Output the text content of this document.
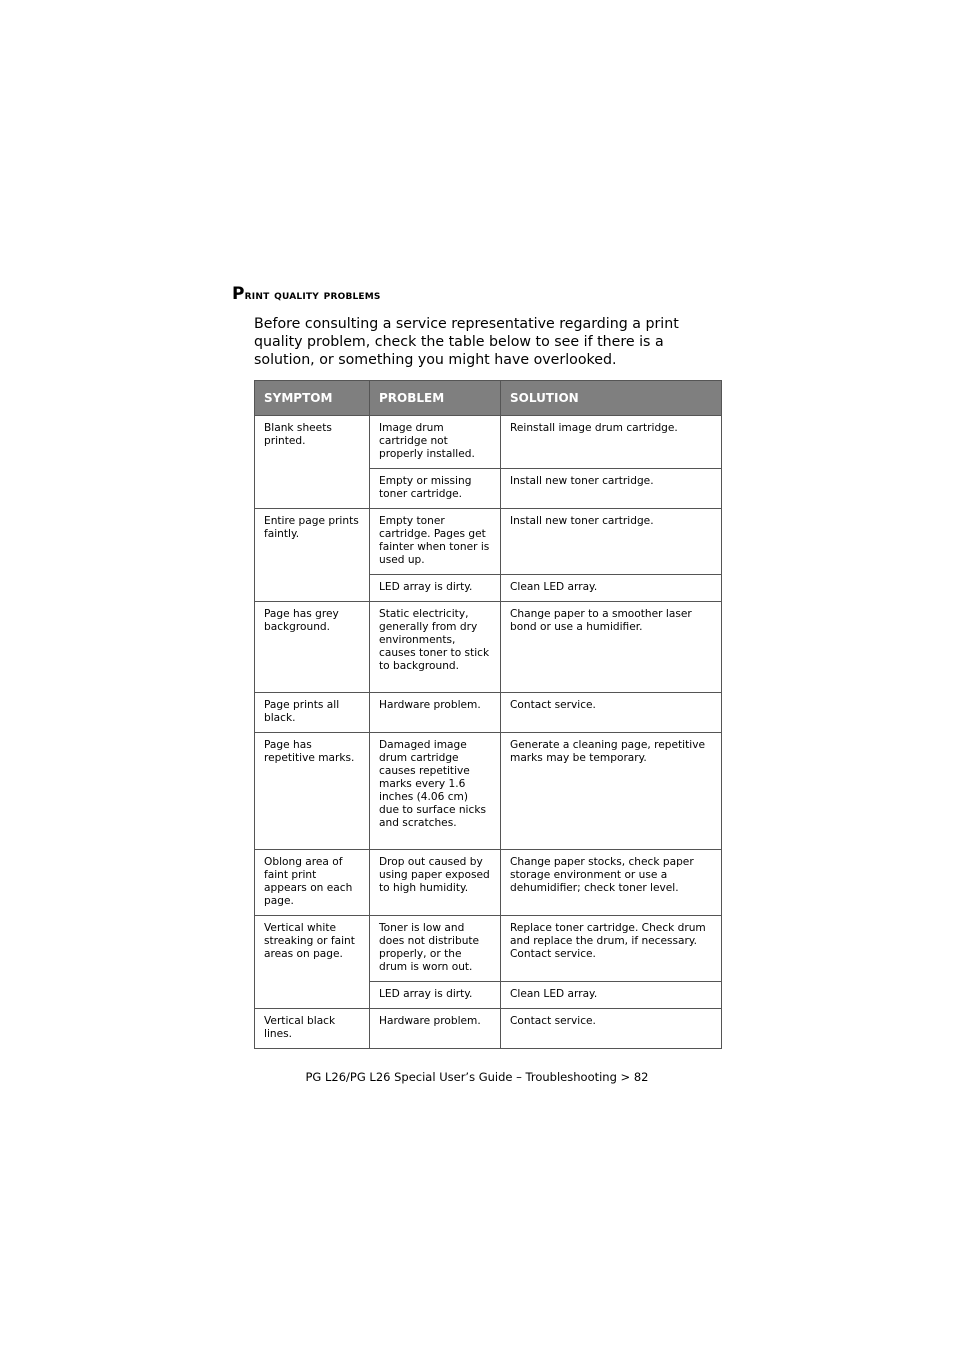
Print quality problems

Before consulting a service representative regarding a print quality problem, check the table below to see if there is a solution, or something you might have overlooked.

SYMPTOM	PROBLEM	SOLUTION
Blank sheets printed.	Image drum cartridge not properly installed.	Reinstall image drum cartridge.
	Empty or missing toner cartridge.	Install new toner cartridge.
Entire page prints faintly.	Empty toner cartridge. Pages get fainter when toner is used up.	Install new toner cartridge.
	LED array is dirty.	Clean LED array.
Page has grey background.	Static electricity, generally from dry environments, causes toner to stick to background.	Change paper to a smoother laser bond or use a humidifier.
Page prints all black.	Hardware problem.	Contact service.
Page has repetitive marks.	Damaged image drum cartridge causes repetitive marks every 1.6 inches (4.06 cm) due to surface nicks and scratches.	Generate a cleaning page, repetitive marks may be temporary.
Oblong area of faint print appears on each page.	Drop out caused by using paper exposed to high humidity.	Change paper stocks, check paper storage environment or use a dehumidifier; check toner level.
Vertical white streaking or faint areas on page.	Toner is low and does not distribute properly, or the drum is worn out.	Replace toner cartridge. Check drum and replace the drum, if necessary. Contact service.
	LED array is dirty.	Clean LED array.
Vertical black lines.	Hardware problem.	Contact service.
PG L26/PG L26 Special User’s Guide – Troubleshooting > 82
